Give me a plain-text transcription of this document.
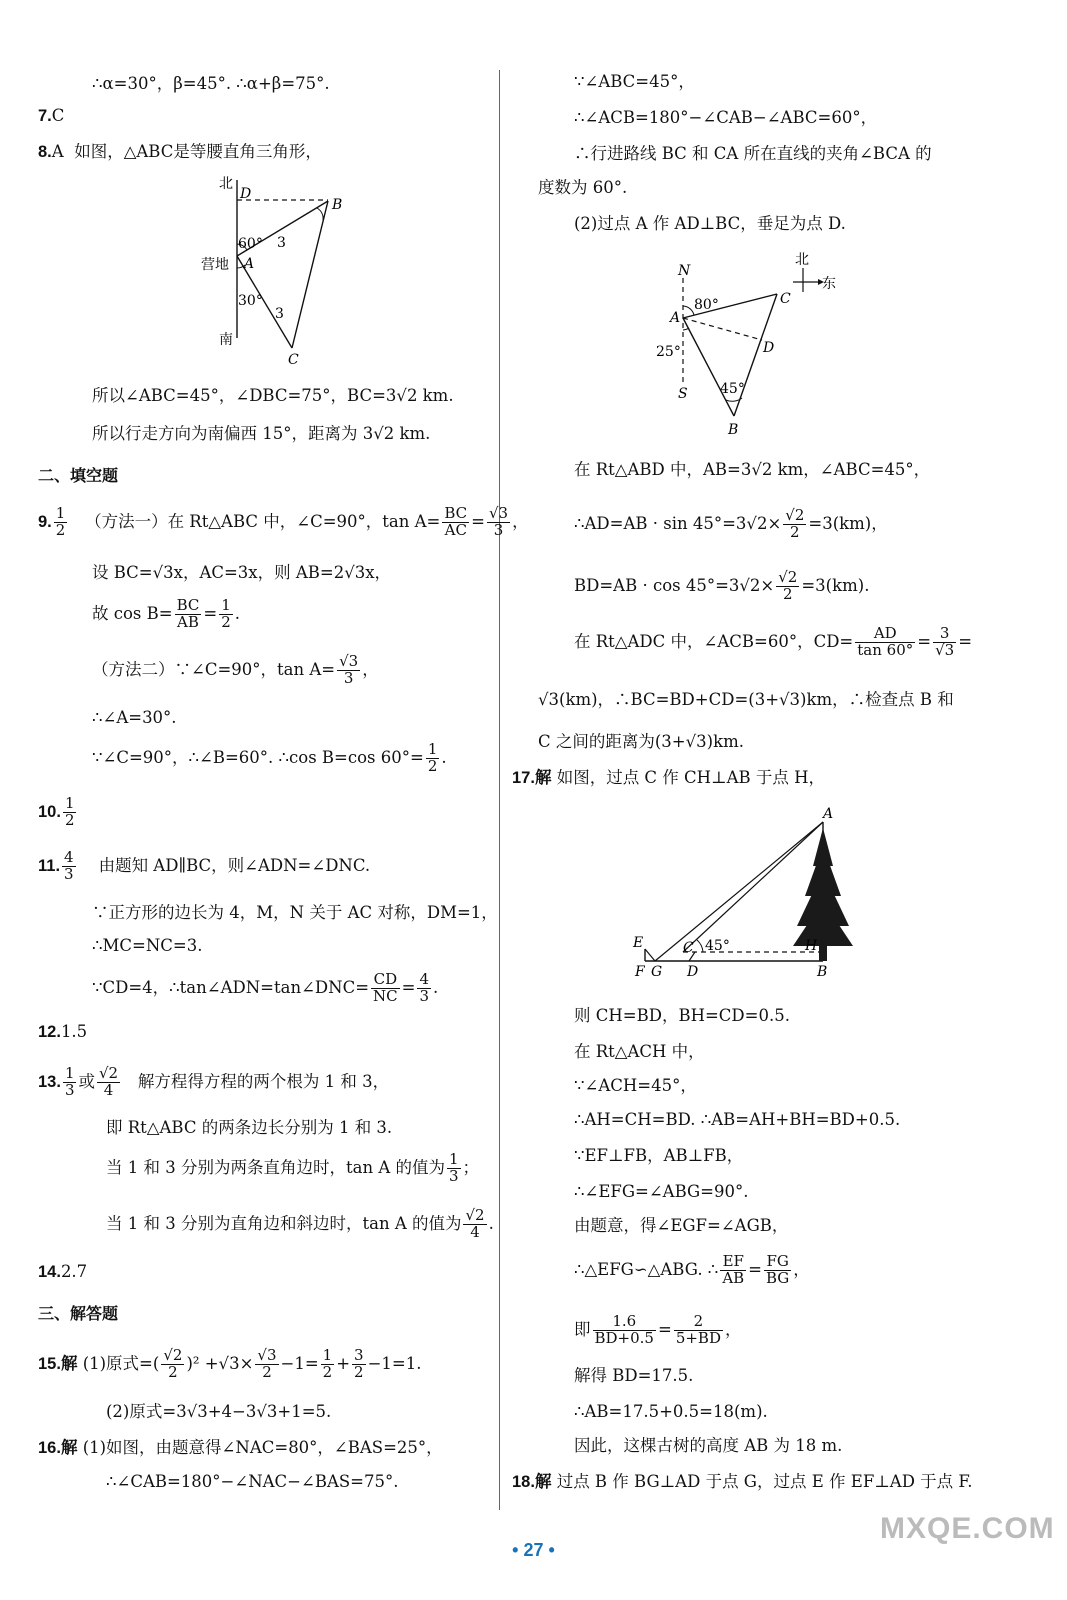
∴α=30°，β=45°. ∴α+β=75°.
7.C
8.A 如图，△ABC是等腰直角三角形，
北
D
B
60° 3
营地 A
30°
3
南
C
所以∠ABC=45°，∠DBC=75°，BC=3√2 km.
所以行走方向为南偏西 15°，距离为 3√2 km.
二、填空题
9. $\frac{1}{2}$ （方法一）在 Rt△ABC 中，∠C=90°，$\tan A= \frac{BC}{AC} = \frac{√3}{3}$ ，
设 BC=√3x，AC=3x，则 AB=2√3x，
故 $\cos B= \frac{BC}{AB} = \frac{1}{2}$ .
（方法二）∵∠C=90°，$\tan A= \frac{√3}{3}$ ，
∴∠A=30°.
∵∠C=90°，∴∠B=60°. ∴cos B=cos $60^\circ= \frac{1}{2}$ .
10. $\frac{1}{2}$
11. $\frac{4}{3}$ 由题知 AD∥BC，则∠ADN=∠DNC.
∵正方形的边长为 4，M，N 关于 AC 对称，DM=1，
∴MC=NC=3.
∵CD=4，∴tan∠ADN=tan∠DNC= $\frac{CD}{NC} = \frac{4}{3}$ .
12.1.5
13. $\frac{1}{3}$ 或 $\frac{√2}{4}$ 解方程得方程的两个根为 1 和 3，
即 Rt△ABC 的两条边长分别为 1 和 3.
当 1 和 3 分别为两条直角边时，tan A 的值为 $\frac{1}{3}$ ；
当 1 和 3 分别为直角边和斜边时，tan A 的值为 $\frac{√2}{4}$ .
14.2.7
三、解答题
15.解 (1)原式=( $\frac{√2}{2} )^2 +√3\times \frac{√3}{2} -1= \frac{1}{2} + \frac{3}{2} -1=1$.
(2)原式=3√3+4−3√3+1=5.
16.解 (1)如图，由题意得∠NAC=80°，∠BAS=25°，
∴∠CAB=180°−∠NAC−∠BAS=75°.
∵∠ABC=45°，
∴∠ACB=180°−∠CAB−∠ABC=60°，
∴行进路线 BC 和 CA 所在直线的夹角∠BCA 的
度数为 60°.
(2)过点 A 作 AD⊥BC，垂足为点 D.
北
东
N
80°	C
A
D
25°
S 45°
B
在 Rt△ABD 中，AB=3√2 km，∠ABC=45°，
∴AD=AB · $\sin 45^\circ=3√2\times \frac{√2}{2} =3(km)$，
$BD=AB \cdot \cos 45^\circ=3√2\times \frac{√2}{2} =3(km)$.
在 Rt△ADC 中，∠ACB=60°，$CD= \frac{AD}{\tan 60^\circ} = \frac{3}{√3}$ =
√3(km)，∴BC=BD+CD=(3+√3)km，∴检查点 B 和
C 之间的距离为(3+√3)km.
17.解 如图，过点 C 作 CH⊥AB 于点 H，
A
E	C 45°	H
F G D	B
则 CH=BD，BH=CD=0.5.
在 Rt△ACH 中，
∵∠ACH=45°，
∴AH=CH=BD. ∴AB=AH+BH=BD+0.5.
∵EF⊥FB，AB⊥FB，
∴∠EFG=∠ABG=90°.
由题意，得∠EGF=∠AGB，
∴△EFG∽△ABG. ∴ $\frac{EF}{AB} = \frac{FG}{BG}$ ，
即 $\frac{1.6}{BD+0.5} = \frac{2}{5+BD}$ ，
解得 BD=17.5.
∴AB=17.5+0.5=18(m).
因此，这棵古树的高度 AB 为 18 m.
18.解 过点 B 作 BG⊥AD 于点 G，过点 E 作 EF⊥AD 于点 F.
• 27 •
MXQE.COM
